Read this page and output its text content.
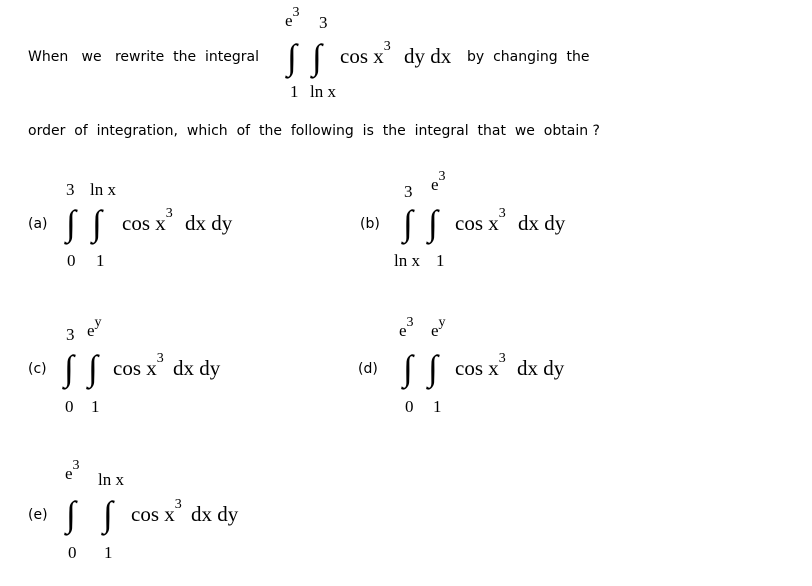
When   we   rewrite  the  integral
$e^3$
3
∫ ∫ $\cos x^3$ dy dx
1 ln x
by  changing  the
order  of  integration,  which  of  the  following  is  the  integral  that  we  obtain ?
(a)
3 ln x
∫ ∫ $\cos x^3$ dx dy
0 1
(b)
3 $e^3$
∫ ∫ $\cos x^3$ dx dy
ln x 1
(c)
3 $e^y$
∫ ∫ $\cos x^3$ dx dy
0 1
(d)
$e^3$ $e^y$
∫ ∫ $\cos x^3$ dx dy
0 1
(e)
$e^3$
ln x
∫ ∫ $\cos x^3$ dx dy
0 1
